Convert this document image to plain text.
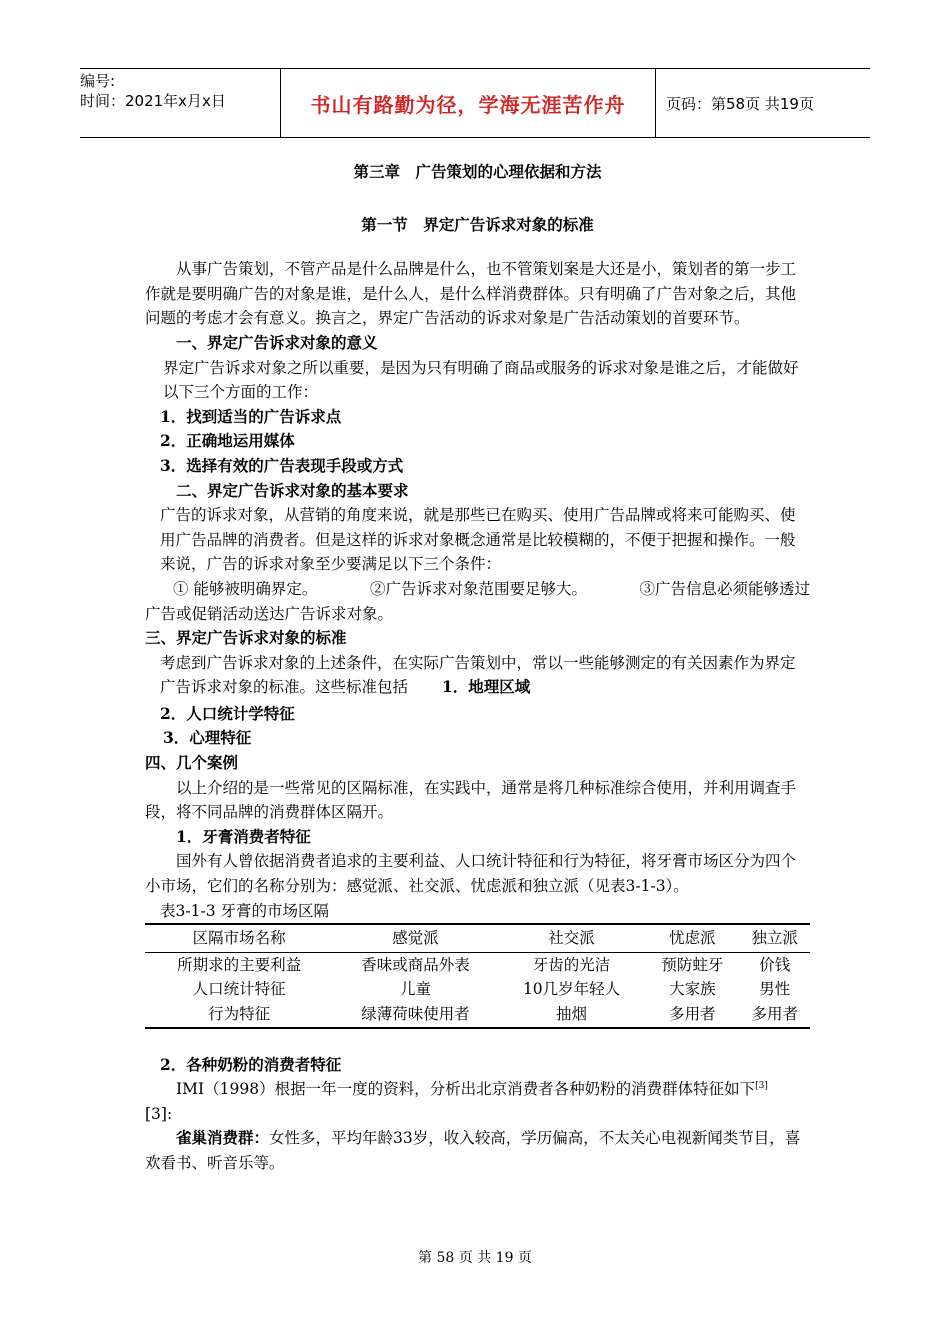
编号:
时间：2021年x月x日	书山有路勤为径，学海无涯苦作舟	页码：第58页 共19页
第三章　广告策划的心理依据和方法
第一节　界定广告诉求对象的标准

从事广告策划，不管产品是什么品牌是什么，也不管策划案是大还是小，策划者的第一步工作就是要明确广告的对象是谁，是什么人，是什么样消费群体。只有明确了广告对象之后，其他问题的考虑才会有意义。换言之，界定广告活动的诉求对象是广告活动策划的首要环节。

一、界定广告诉求对象的意义

界定广告诉求对象之所以重要，是因为只有明确了商品或服务的诉求对象是谁之后，才能做好以下三个方面的工作：

1．找到适当的广告诉求点

2．正确地运用媒体

3．选择有效的广告表现手段或方式

二、界定广告诉求对象的基本要求

广告的诉求对象，从营销的角度来说，就是那些已在购买、使用广告品牌或将来可能购买、使用广告品牌的消费者。但是这样的诉求对象概念通常是比较模糊的，不便于把握和操作。一般来说，广告的诉求对象至少要满足以下三个条件：

① 能够被明确界定。	②广告诉求对象范围要足够大。	③广告信息必须能够透过

广告或促销活动送达广告诉求对象。

三、界定广告诉求对象的标准

考虑到广告诉求对象的上述条件，在实际广告策划中，常以一些能够测定的有关因素作为界定广告诉求对象的标准。这些标准包括 1．地理区域

2．人口统计学特征

3．心理特征

四、几个案例

以上介绍的是一些常见的区隔标准，在实践中，通常是将几种标准综合使用，并利用调查手段，将不同品牌的消费群体区隔开。

1．牙膏消费者特征

国外有人曾依据消费者追求的主要利益、人口统计特征和行为特征，将牙膏市场区分为四个小市场，它们的名称分别为：感觉派、社交派、忧虑派和独立派（见表3-1-3）。

表3-1-3 牙膏的市场区隔

区隔市场名称	感觉派	社交派	忧虑派	独立派
所期求的主要利益	香味或商品外表	牙齿的光洁	预防蛀牙	价钱
人口统计特征	儿童	10几岁年轻人	大家族	男性
行为特征	绿薄荷味使用者	抽烟	多用者	多用者

2．各种奶粉的消费者特征

IMI（1998）根据一年一度的资料，分析出北京消费者各种奶粉的消费群体特征如下[3]

[3]:

雀巢消费群：女性多，平均年龄33岁，收入较高，学历偏高，不太关心电视新闻类节目，喜欢看书、听音乐等。

第 58 页 共 19 页
